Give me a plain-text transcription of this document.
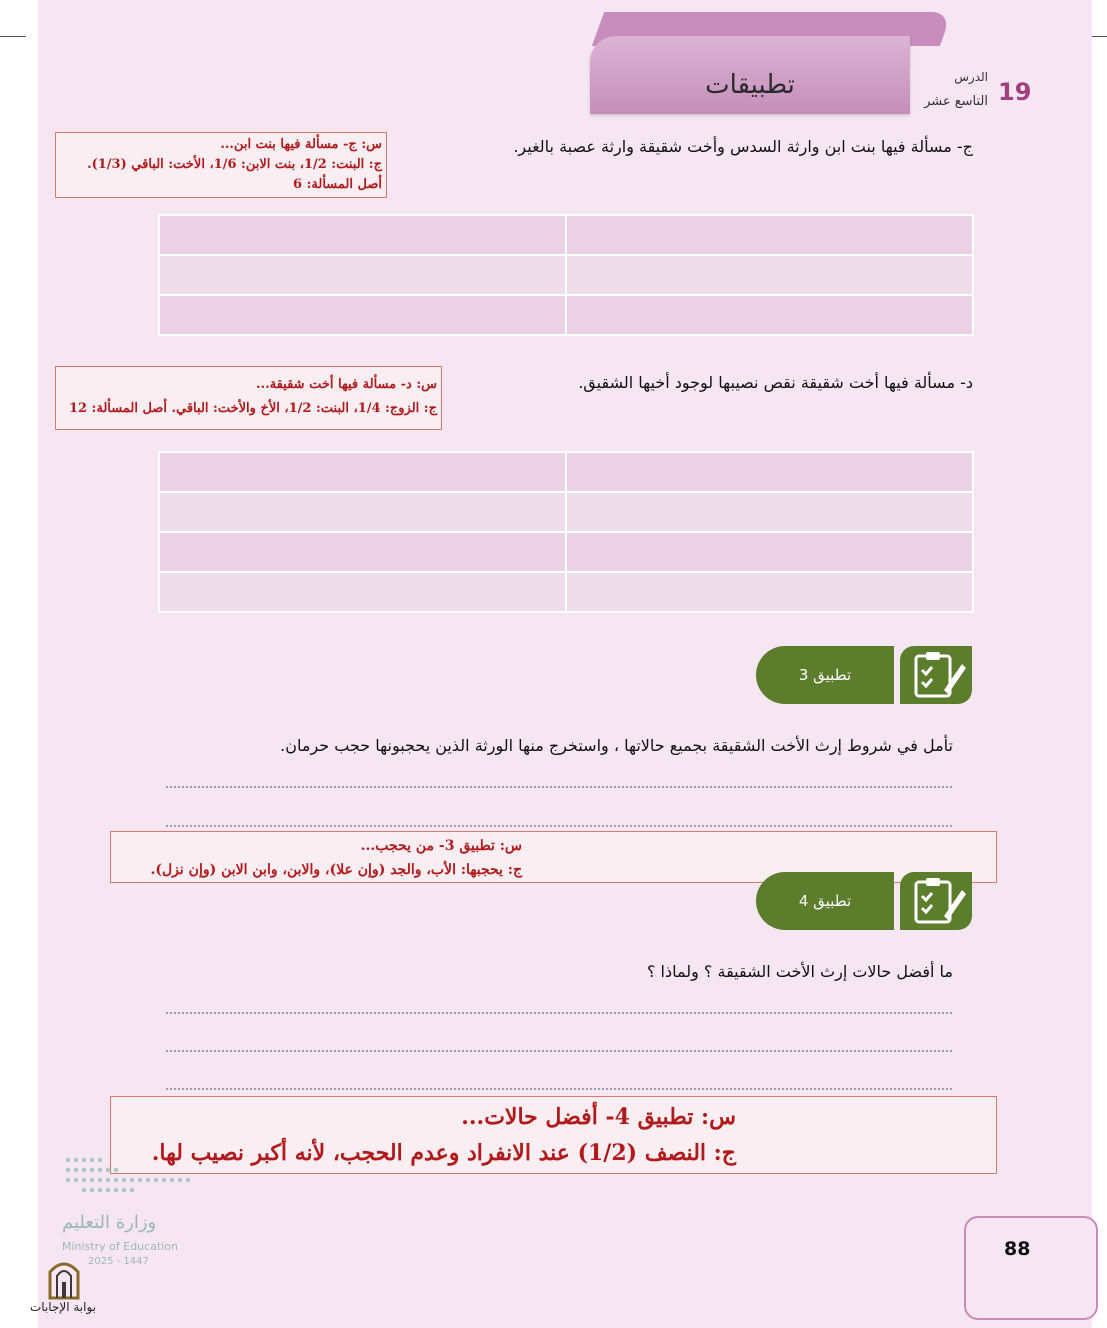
تطبيقات	الدرس
التاسع عشر 19
ج- مسألة فيها بنت ابن وارثة السدس وأخت شقيقة وارثة عصبة بالغير.
س: ج- مسألة فيها بنت ابن...
ج: البنت: 1/2، بنت الابن: 1/6، الأخت: الباقي (1/3).
أصل المسألة: 6

د- مسألة فيها أخت شقيقة نقص نصيبها لوجود أخيها الشقيق.
س: د- مسألة فيها أخت شقيقة...
ج: الزوج: 1/4، البنت: 1/2، الأخ والأخت: الباقي. أصل المسألة: 12

تطبيق 3
تأمل في شروط إرث الأخت الشقيقة بجميع حالاتها ، واستخرج منها الورثة الذين يحجبونها حجب حرمان.
س: تطبيق 3- من يحجب...
ج: يحجبها: الأب، والجد (وإن علا)، والابن، وابن الابن (وإن نزل).
تطبيق 4
ما أفضل حالات إرث الأخت الشقيقة ؟ ولماذا ؟
س: تطبيق 4- أفضل حالات...
ج: النصف (1/2) عند الانفراد وعدم الحجب، لأنه أكبر نصيب لها.
وزارة التعليم
Ministry of Education
2025 - 1447
بوابة الإجابات
88
